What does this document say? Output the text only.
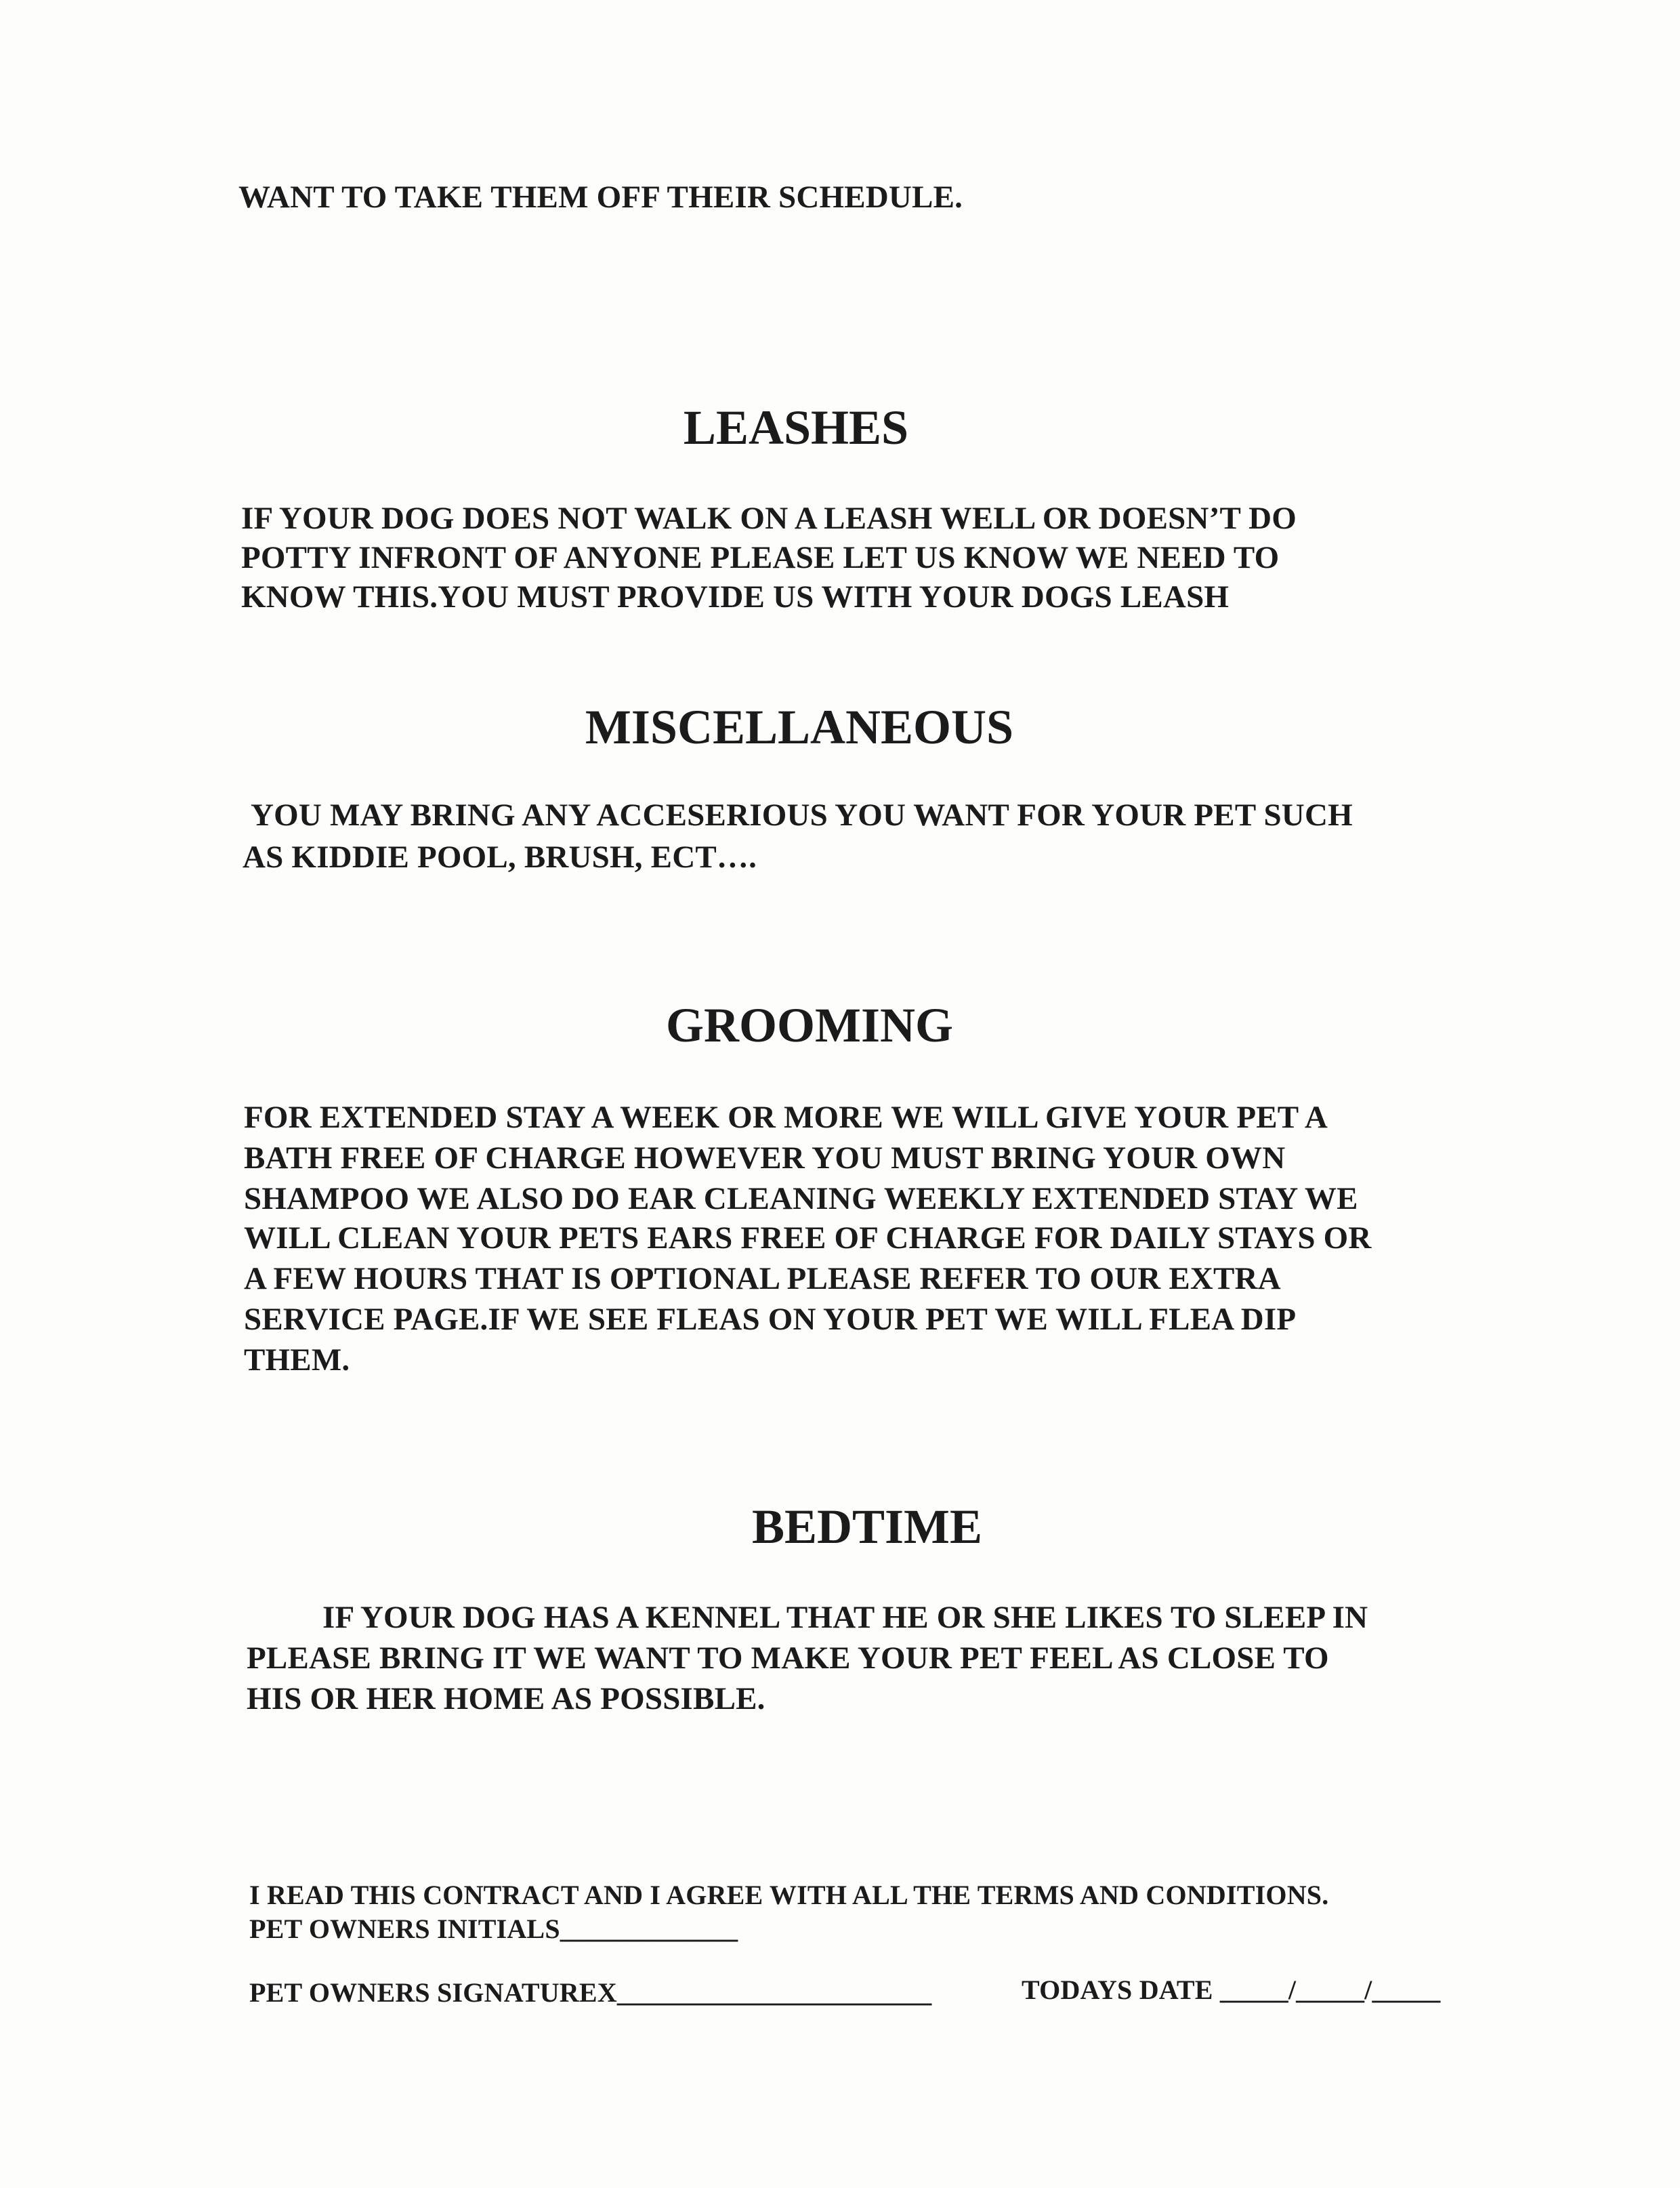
WANT TO TAKE THEM OFF THEIR SCHEDULE.

LEASHES

IF YOUR DOG DOES NOT WALK ON A LEASH WELL OR DOESN’T DO

POTTY INFRONT OF ANYONE PLEASE LET US KNOW WE NEED TO

KNOW THIS.YOU MUST PROVIDE US WITH YOUR DOGS LEASH

MISCELLANEOUS

YOU MAY BRING ANY ACCESERIOUS YOU WANT FOR YOUR PET SUCH

AS KIDDIE POOL, BRUSH, ECT….

GROOMING

FOR EXTENDED STAY A WEEK OR MORE WE WILL GIVE YOUR PET A

BATH FREE OF CHARGE HOWEVER YOU MUST BRING YOUR OWN

SHAMPOO WE ALSO DO EAR CLEANING WEEKLY EXTENDED STAY WE

WILL CLEAN YOUR PETS EARS FREE OF CHARGE FOR DAILY STAYS OR

A FEW HOURS THAT IS OPTIONAL PLEASE REFER TO OUR EXTRA

SERVICE PAGE.IF WE SEE FLEAS ON YOUR PET WE WILL FLEA DIP

THEM.

BEDTIME

IF YOUR DOG HAS A KENNEL THAT HE OR SHE LIKES TO SLEEP IN

PLEASE BRING IT WE WANT TO MAKE YOUR PET FEEL AS CLOSE TO

HIS OR HER HOME AS POSSIBLE.

I READ THIS CONTRACT AND I AGREE WITH ALL THE TERMS AND CONDITIONS.

PET OWNERS INITIALS_____________

PET OWNERS SIGNATUREX_______________________	TODAYS DATE _____/_____/_____
